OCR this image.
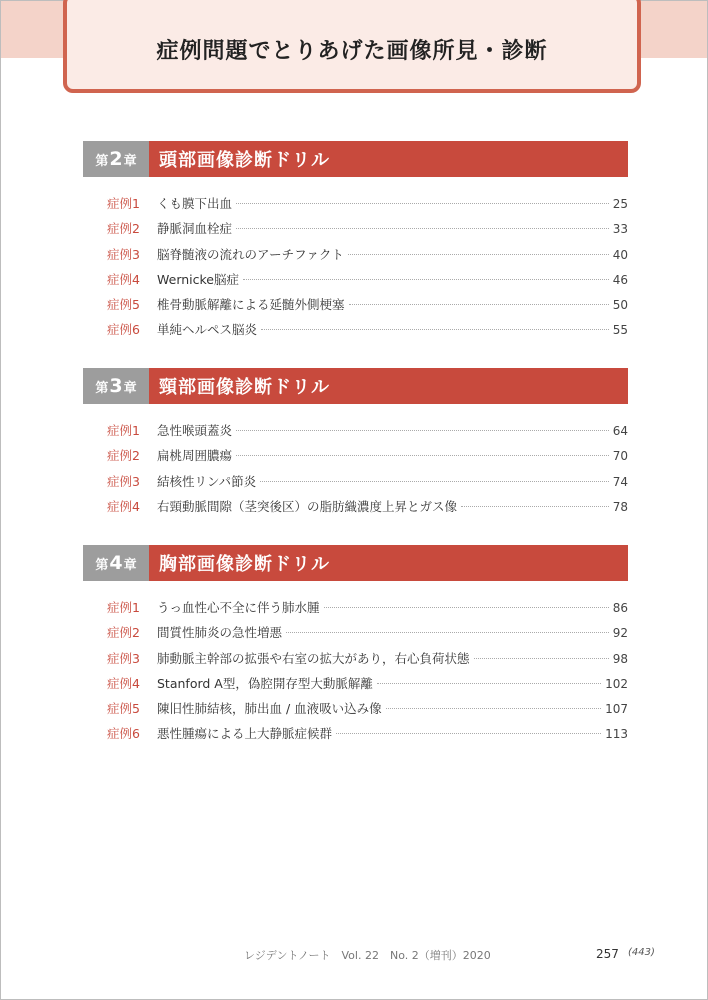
症例問題でとりあげた画像所見・診断
第 2 章	頭部画像診断ドリル
症例1	くも膜下出血	25
症例2	静脈洞血栓症	33
症例3	脳脊髄液の流れのアーチファクト	40
症例4	Wernicke脳症	46
症例5	椎骨動脈解離による延髄外側梗塞	50
症例6	単純ヘルペス脳炎	55
第 3 章	頸部画像診断ドリル
症例1	急性喉頭蓋炎	64
症例2	扁桃周囲膿瘍	70
症例3	結核性リンパ節炎	74
症例4	右頸動脈間隙（茎突後区）の脂肪織濃度上昇とガス像	78
第 4 章	胸部画像診断ドリル
症例1	うっ血性心不全に伴う肺水腫	86
症例2	間質性肺炎の急性増悪	92
症例3	肺動脈主幹部の拡張や右室の拡大があり，右心負荷状態	98
症例4	Stanford A型，偽腔開存型大動脈解離	102
症例5	陳旧性肺結核，肺出血 / 血液吸い込み像	107
症例6	悪性腫瘍による上大静脈症候群	113
レジデントノート　Vol. 22　No. 2（増刊）2020	257 (443)
